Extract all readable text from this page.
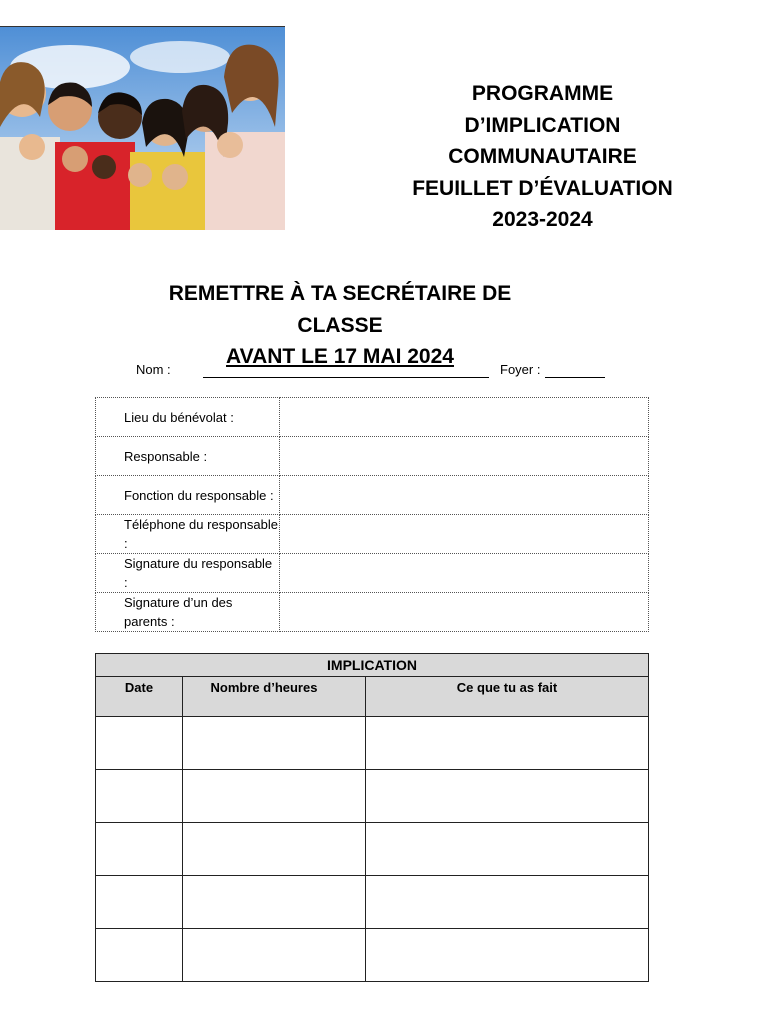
PROGRAMME
D’IMPLICATION
COMMUNAUTAIRE
FEUILLET D’ÉVALUATION
2023-2024
REMETTRE À TA SECRÉTAIRE DE CLASSE
AVANT LE 17 MAI 2024
Nom :	Foyer :
Lieu du bénévolat :	
Responsable :	
Fonction du responsable :	
Téléphone du responsable :	
Signature du responsable :	
Signature d’un des parents :	
IMPLICATION		
Date	Nombre d’heures	Ce que tu as fait
